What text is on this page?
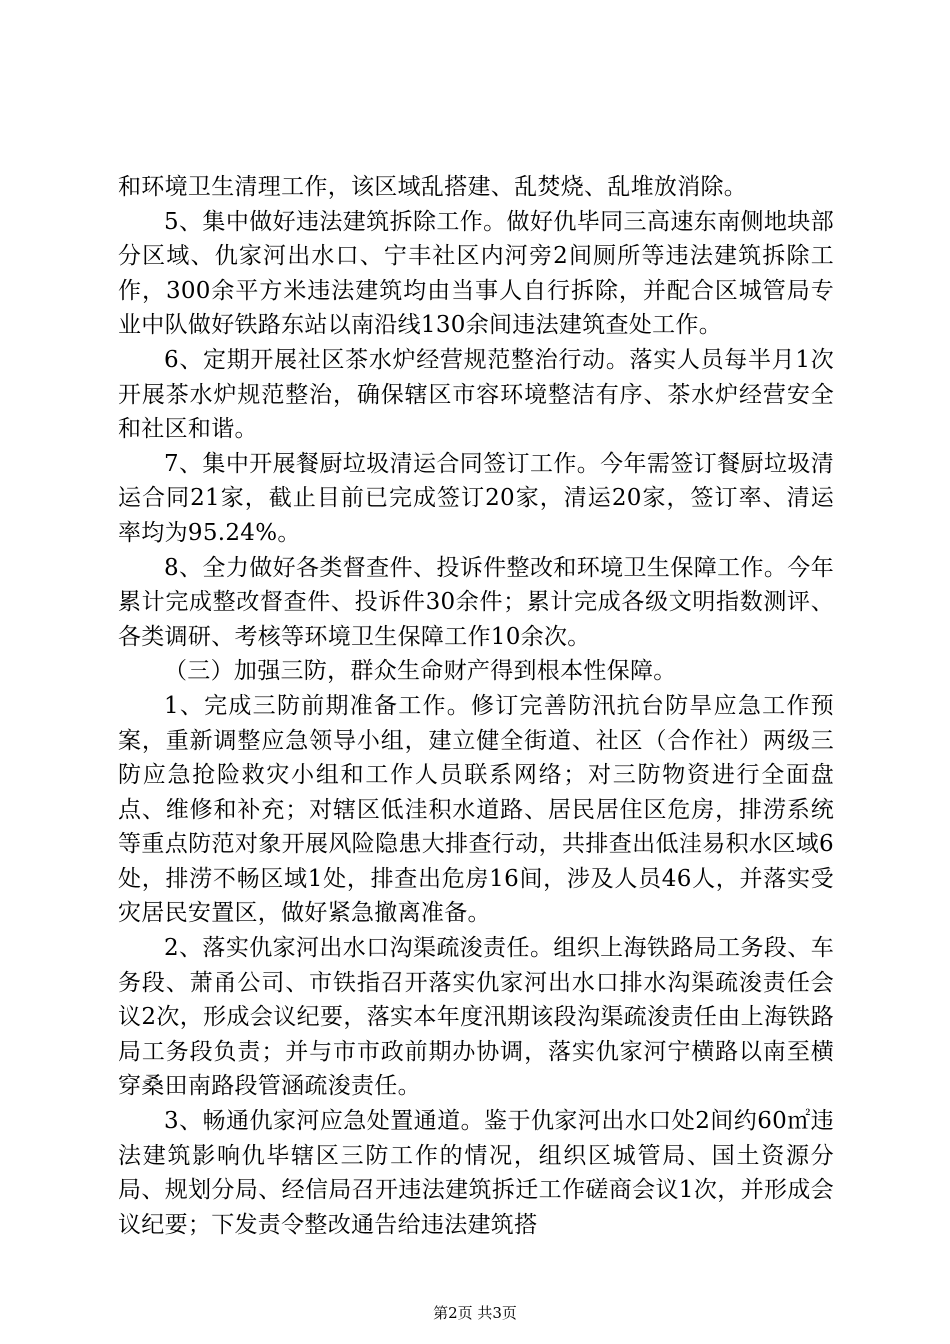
和环境卫生清理工作，该区域乱搭建、乱焚烧、乱堆放消除。

5、集中做好违法建筑拆除工作。做好仇毕同三高速东南侧地块部分区域、仇家河出水口、宁丰社区内河旁2间厕所等违法建筑拆除工作，300余平方米违法建筑均由当事人自行拆除，并配合区城管局专业中队做好铁路东站以南沿线130余间违法建筑查处工作。

6、定期开展社区茶水炉经营规范整治行动。落实人员每半月1次开展茶水炉规范整治，确保辖区市容环境整洁有序、茶水炉经营安全和社区和谐。

7、集中开展餐厨垃圾清运合同签订工作。今年需签订餐厨垃圾清运合同21家，截止目前已完成签订20家，清运20家，签订率、清运率均为95.24%。

8、全力做好各类督查件、投诉件整改和环境卫生保障工作。今年累计完成整改督查件、投诉件30余件；累计完成各级文明指数测评、各类调研、考核等环境卫生保障工作10余次。

（三）加强三防，群众生命财产得到根本性保障。

1、完成三防前期准备工作。修订完善防汛抗台防旱应急工作预案，重新调整应急领导小组，建立健全街道、社区（合作社）两级三防应急抢险救灾小组和工作人员联系网络；对三防物资进行全面盘点、维修和补充；对辖区低洼积水道路、居民居住区危房，排涝系统等重点防范对象开展风险隐患大排查行动，共排查出低洼易积水区域6处，排涝不畅区域1处，排查出危房16间，涉及人员46人，并落实受灾居民安置区，做好紧急撤离准备。

2、落实仇家河出水口沟渠疏浚责任。组织上海铁路局工务段、车务段、萧甬公司、市铁指召开落实仇家河出水口排水沟渠疏浚责任会议2次，形成会议纪要，落实本年度汛期该段沟渠疏浚责任由上海铁路局工务段负责；并与市市政前期办协调，落实仇家河宁横路以南至横穿桑田南路段管涵疏浚责任。

3、畅通仇家河应急处置通道。鉴于仇家河出水口处2间约60㎡违法建筑影响仇毕辖区三防工作的情况，组织区城管局、国土资源分局、规划分局、经信局召开违法建筑拆迁工作磋商会议1次，并形成会议纪要；下发责令整改通告给违法建筑搭

第2页 共3页
